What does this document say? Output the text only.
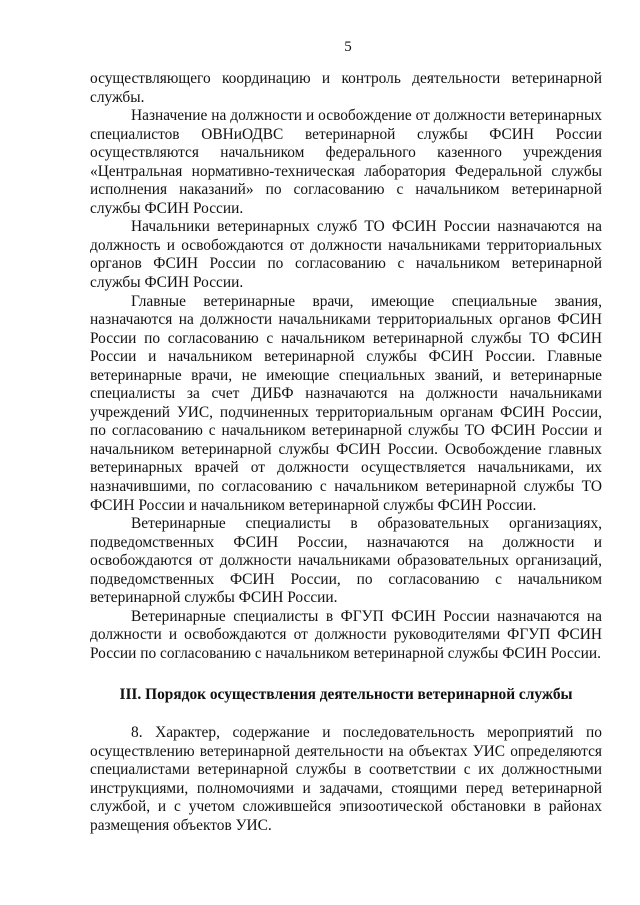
5

осуществляющего координацию и контроль деятельности ветеринарной службы.

Назначение на должности и освобождение от должности ветеринарных специалистов ОВНиОДВС ветеринарной службы ФСИН России осуществляются начальником федерального казенного учреждения «Центральная нормативно-техническая лаборатория Федеральной службы исполнения наказаний» по согласованию с начальником ветеринарной службы ФСИН России.

Начальники ветеринарных служб ТО ФСИН России назначаются на должность и освобождаются от должности начальниками территориальных органов ФСИН России по согласованию с начальником ветеринарной службы ФСИН России.

Главные ветеринарные врачи, имеющие специальные звания, назначаются на должности начальниками территориальных органов ФСИН России по согласованию с начальником ветеринарной службы ТО ФСИН России и начальником ветеринарной службы ФСИН России. Главные ветеринарные врачи, не имеющие специальных званий, и ветеринарные специалисты за счет ДИБФ назначаются на должности начальниками учреждений УИС, подчиненных территориальным органам ФСИН России, по согласованию с начальником ветеринарной службы ТО ФСИН России и начальником ветеринарной службы ФСИН России. Освобождение главных ветеринарных врачей от должности осуществляется начальниками, их назначившими, по согласованию с начальником ветеринарной службы ТО ФСИН России и начальником ветеринарной службы ФСИН России.

Ветеринарные специалисты в образовательных организациях, подведомственных ФСИН России, назначаются на должности и освобождаются от должности начальниками образовательных организаций, подведомственных ФСИН России, по согласованию с начальником ветеринарной службы ФСИН России.

Ветеринарные специалисты в ФГУП ФСИН России назначаются на должности и освобождаются от должности руководителями ФГУП ФСИН России по согласованию с начальником ветеринарной службы ФСИН России.

III. Порядок осуществления деятельности ветеринарной службы

8. Характер, содержание и последовательность мероприятий по осуществлению ветеринарной деятельности на объектах УИС определяются специалистами ветеринарной службы в соответствии с их должностными инструкциями, полномочиями и задачами, стоящими перед ветеринарной службой, и с учетом сложившейся эпизоотической обстановки в районах размещения объектов УИС.
